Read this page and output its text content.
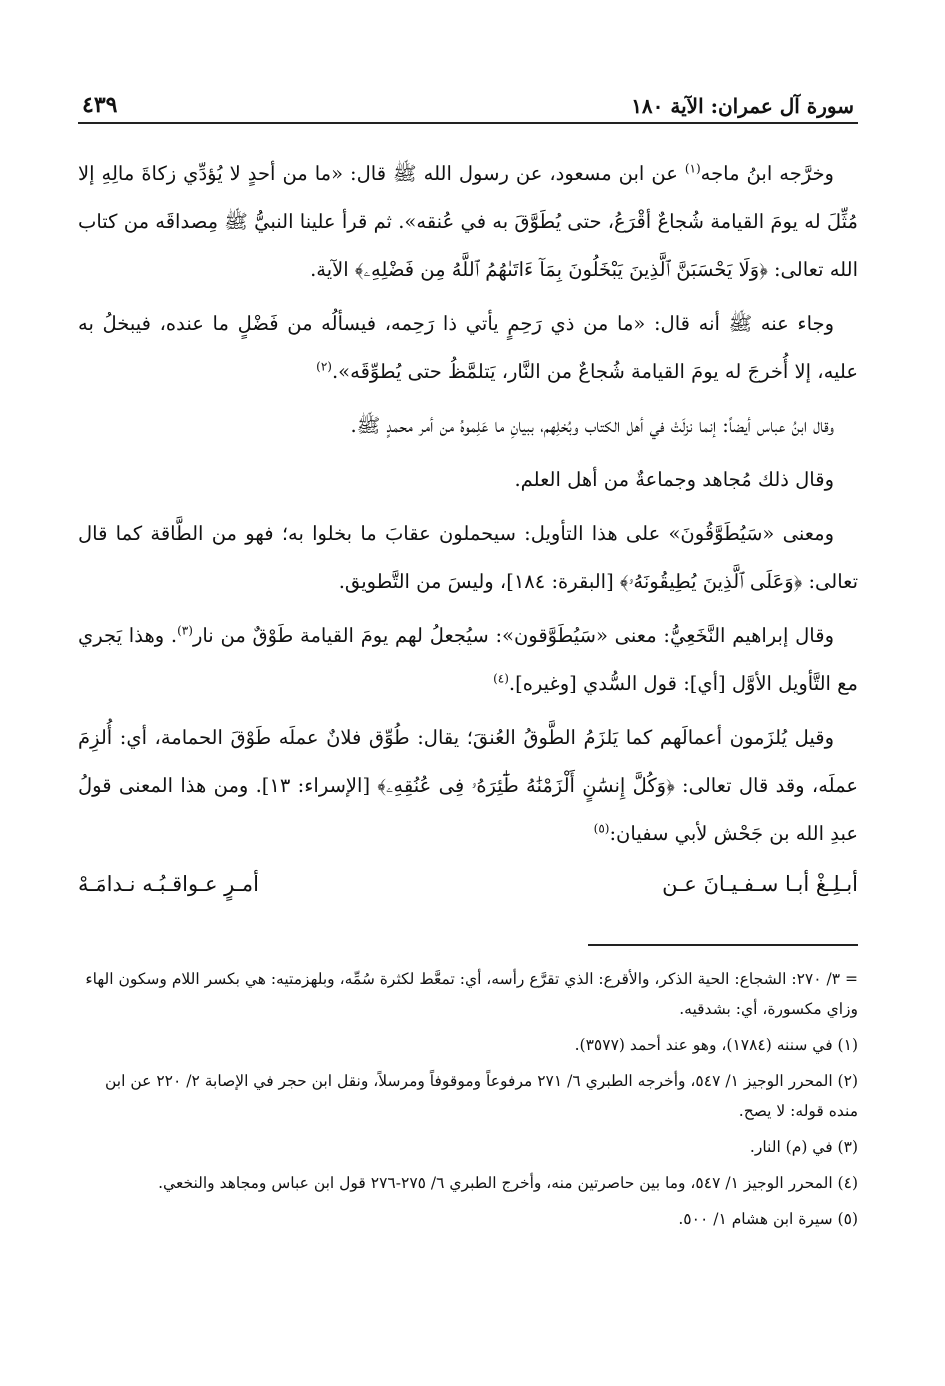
سورة آل عمران: الآية ١٨٠
٤٣٩

وخرَّجه ابنُ ماجه$^{(١)}$ عن ابن مسعود، عن رسول الله ﷺ قال: «ما من أحدٍ لا يُؤدِّي زكاةَ مالِهِ إلا مُثِّلَ له يومَ القيامة شُجاعٌ أقْرَعُ، حتى يُطَوَّقَ به في عُنقه». ثم قرأ علينا النبيُّ ﷺ مِصداقَه من كتاب الله تعالى: ﴿وَلَا يَحْسَبَنَّ ٱلَّذِينَ يَبْخَلُونَ بِمَآ ءَاتَىٰهُمُ ٱللَّهُ مِن فَضْلِهِۦ﴾ الآية.

وجاء عنه ﷺ أنه قال: «ما من ذي رَحِمٍ يأتي ذا رَحِمه، فيسألُه من فَضْلٍ ما عنده، فيبخلُ به عليه، إلا أُخرجَ له يومَ القيامة شُجاعٌ من النَّار، يَتلمَّظُ حتى يُطوِّقَه».$^{(٢)}$

وقال ابنُ عباس أيضاً: إنما نزلَتْ في أهل الكتاب وبُخلِهم، ببيانِ ما عَلِموهُ من أمر محمدٍ ﷺ.

وقال ذلك مُجاهد وجماعةٌ من أهل العلم.

ومعنى «سَيُطَوَّقُونَ» على هذا التأويل: سيحملون عقابَ ما بخلوا به؛ فهو من الطَّاقة كما قال تعالى: ﴿وَعَلَى ٱلَّذِينَ يُطِيقُونَهُۥ﴾ [البقرة: ١٨٤]، وليسَ من التَّطويق.

وقال إبراهيم النَّخَعِيُّ: معنى «سَيُطَوَّقون»: سيُجعلُ لهم يومَ القيامة طَوْقٌ من نار$^{(٣)}$. وهذا يَجري مع التَّأويل الأوَّل [أي]: قول السُّدي [وغيره].$^{(٤)}$

وقيل يُلزَمون أعمالَهم كما يَلزَمُ الطَّوقُ العُنقَ؛ يقال: طُوِّق فلانٌ عملَه طَوْقَ الحمامة، أي: أُلزِمَ عملَه، وقد قال تعالى: ﴿وَكُلَّ إِنسَٰنٍ أَلْزَمْنَٰهُ طَٰٓئِرَهُۥ فِى عُنُقِهِۦ﴾ [الإسراء: ١٣]. ومن هذا المعنى قولُ عبدِ الله بن جَحْش لأبي سفيان:$^{(٥)}$

أبـلِـغْ أبـا سـفـيـانَ عـن
أمـرٍ عـواقـبُـه نـدامَـهْ

= ٣/ ٢٧٠: الشجاع: الحية الذكر، والأقرع: الذي تقرَّع رأسه، أي: تمعَّط لكثرة سُمِّه، وبلهزمتيه: هي بكسر اللام وسكون الهاء وزاي مكسورة، أي: بشدقيه.

(١) في سننه (١٧٨٤)، وهو عند أحمد (٣٥٧٧).

(٢) المحرر الوجيز ١/ ٥٤٧، وأخرجه الطبري ٦/ ٢٧١ مرفوعاً وموقوفاً ومرسلاً، ونقل ابن حجر في الإصابة ٢/ ٢٢٠ عن ابن منده قوله: لا يصح.

(٣) في (م) النار.

(٤) المحرر الوجيز ١/ ٥٤٧، وما بين حاصرتين منه، وأخرج الطبري ٦/ ٢٧٥-٢٧٦ قول ابن عباس ومجاهد والنخعي.

(٥) سيرة ابن هشام ١/ ٥٠٠.
